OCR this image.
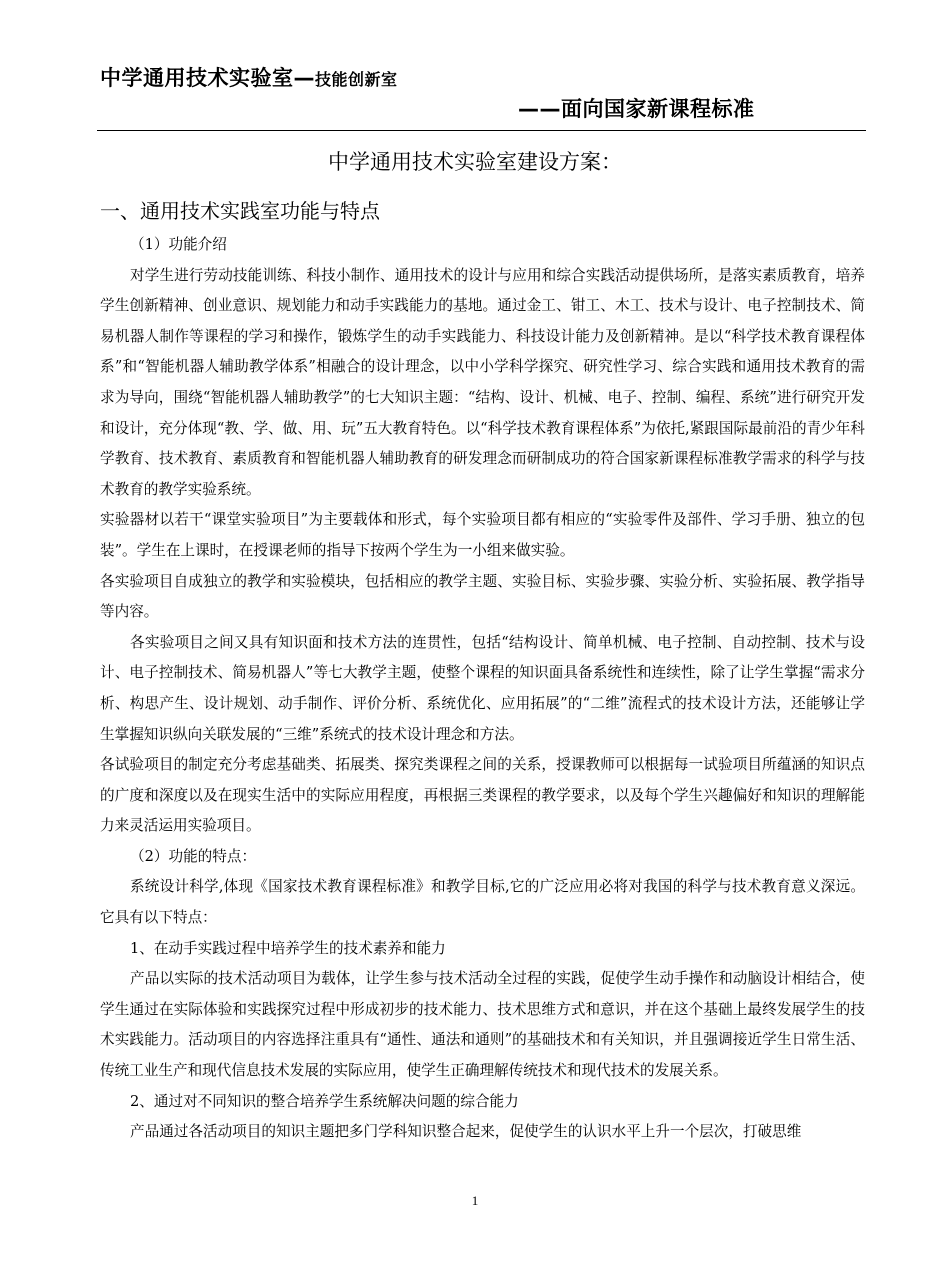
中学通用技术实验室—技能创新室
——面向国家新课程标准
中学通用技术实验室建设方案：
一、通用技术实践室功能与特点

（1）功能介绍

对学生进行劳动技能训练、科技小制作、通用技术的设计与应用和综合实践活动提供场所，是落实素质教育，培养学生创新精神、创业意识、规划能力和动手实践能力的基地。通过金工、钳工、木工、技术与设计、电子控制技术、简易机器人制作等课程的学习和操作，锻炼学生的动手实践能力、科技设计能力及创新精神。是以“科学技术教育课程体系”和“智能机器人辅助教学体系”相融合的设计理念，以中小学科学探究、研究性学习、综合实践和通用技术教育的需求为导向，围绕“智能机器人辅助教学”的七大知识主题：“结构、设计、机械、电子、控制、编程、系统”进行研究开发和设计，充分体现“教、学、做、用、玩”五大教育特色。以“科学技术教育课程体系”为依托,紧跟国际最前沿的青少年科学教育、技术教育、素质教育和智能机器人辅助教育的研发理念而研制成功的符合国家新课程标准教学需求的科学与技术教育的教学实验系统。

实验器材以若干“课堂实验项目”为主要载体和形式，每个实验项目都有相应的“实验零件及部件、学习手册、独立的包装”。学生在上课时，在授课老师的指导下按两个学生为一小组来做实验。

各实验项目自成独立的教学和实验模块，包括相应的教学主题、实验目标、实验步骤、实验分析、实验拓展、教学指导等内容。

各实验项目之间又具有知识面和技术方法的连贯性，包括“结构设计、简单机械、电子控制、自动控制、技术与设计、电子控制技术、简易机器人”等七大教学主题，使整个课程的知识面具备系统性和连续性，除了让学生掌握“需求分析、构思产生、设计规划、动手制作、评价分析、系统优化、应用拓展”的“二维”流程式的技术设计方法，还能够让学生掌握知识纵向关联发展的“三维”系统式的技术设计理念和方法。

各试验项目的制定充分考虑基础类、拓展类、探究类课程之间的关系，授课教师可以根据每一试验项目所蕴涵的知识点的广度和深度以及在现实生活中的实际应用程度，再根据三类课程的教学要求，以及每个学生兴趣偏好和知识的理解能力来灵活运用实验项目。

（2）功能的特点：

系统设计科学,体现《国家技术教育课程标准》和教学目标,它的广泛应用必将对我国的科学与技术教育意义深远。它具有以下特点：

1、在动手实践过程中培养学生的技术素养和能力

产品以实际的技术活动项目为载体，让学生参与技术活动全过程的实践，促使学生动手操作和动脑设计相结合，使学生通过在实际体验和实践探究过程中形成初步的技术能力、技术思维方式和意识，并在这个基础上最终发展学生的技术实践能力。活动项目的内容选择注重具有“通性、通法和通则”的基础技术和有关知识，并且强调接近学生日常生活、传统工业生产和现代信息技术发展的实际应用，使学生正确理解传统技术和现代技术的发展关系。

2、通过对不同知识的整合培养学生系统解决问题的综合能力

产品通过各活动项目的知识主题把多门学科知识整合起来，促使学生的认识水平上升一个层次，打破思维

1
